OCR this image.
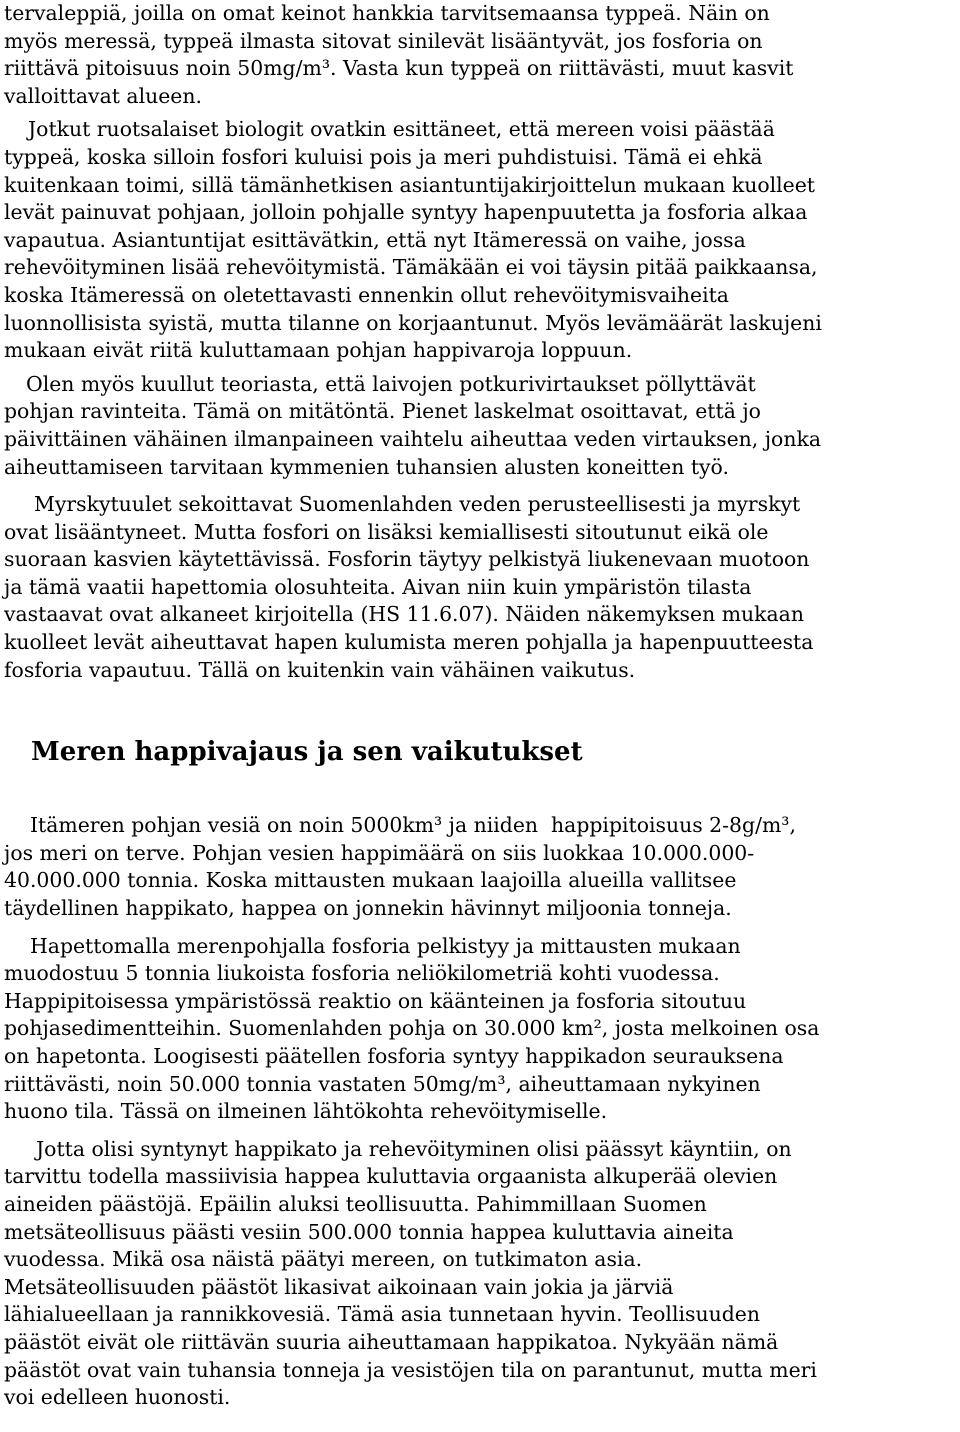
tervaleppiä, joilla on omat keinot hankkia tarvitsemaansa typpeä. Näin on
myös meressä, typpeä ilmasta sitovat sinilevät lisääntyvät, jos fosforia on
riittävä pitoisuus noin 50mg/m³. Vasta kun typpeä on riittävästi, muut kasvit
valloittavat alueen.

Jotkut ruotsalaiset biologit ovatkin esittäneet, että mereen voisi päästää
typpeä, koska silloin fosfori kuluisi pois ja meri puhdistuisi. Tämä ei ehkä
kuitenkaan toimi, sillä tämänhetkisen asiantuntijakirjoittelun mukaan kuolleet
levät painuvat pohjaan, jolloin pohjalle syntyy hapenpuutetta ja fosforia alkaa
vapautua. Asiantuntijat esittävätkin, että nyt Itämeressä on vaihe, jossa
rehevöityminen lisää rehevöitymistä. Tämäkään ei voi täysin pitää paikkaansa,
koska Itämeressä on oletettavasti ennenkin ollut rehevöitymisvaiheita
luonnollisista syistä, mutta tilanne on korjaantunut. Myös levämäärät laskujeni
mukaan eivät riitä kuluttamaan pohjan happivaroja loppuun.

Olen myös kuullut teoriasta, että laivojen potkurivirtaukset pöllyttävät
pohjan ravinteita. Tämä on mitätöntä. Pienet laskelmat osoittavat, että jo
päivittäinen vähäinen ilmanpaineen vaihtelu aiheuttaa veden virtauksen, jonka
aiheuttamiseen tarvitaan kymmenien tuhansien alusten koneitten työ.

Myrskytuulet sekoittavat Suomenlahden veden perusteellisesti ja myrskyt
ovat lisääntyneet. Mutta fosfori on lisäksi kemiallisesti sitoutunut eikä ole
suoraan kasvien käytettävissä. Fosforin täytyy pelkistyä liukenevaan muotoon
ja tämä vaatii hapettomia olosuhteita. Aivan niin kuin ympäristön tilasta
vastaavat ovat alkaneet kirjoitella (HS 11.6.07). Näiden näkemyksen mukaan
kuolleet levät aiheuttavat hapen kulumista meren pohjalla ja hapenpuutteesta
fosforia vapautuu. Tällä on kuitenkin vain vähäinen vaikutus.

Meren happivajaus ja sen vaikutukset

Itämeren pohjan vesiä on noin 5000km³ ja niiden  happipitoisuus 2-8g/m³,
jos meri on terve. Pohjan vesien happimäärä on siis luokkaa 10.000.000-
40.000.000 tonnia. Koska mittausten mukaan laajoilla alueilla vallitsee
täydellinen happikato, happea on jonnekin hävinnyt miljoonia tonneja.

Hapettomalla merenpohjalla fosforia pelkistyy ja mittausten mukaan
muodostuu 5 tonnia liukoista fosforia neliökilometriä kohti vuodessa.
Happipitoisessa ympäristössä reaktio on käänteinen ja fosforia sitoutuu
pohjasedimentteihin. Suomenlahden pohja on 30.000 km², josta melkoinen osa
on hapetonta. Loogisesti päätellen fosforia syntyy happikadon seurauksena
riittävästi, noin 50.000 tonnia vastaten 50mg/m³, aiheuttamaan nykyinen
huono tila. Tässä on ilmeinen lähtökohta rehevöitymiselle.

Jotta olisi syntynyt happikato ja rehevöityminen olisi päässyt käyntiin, on
tarvittu todella massiivisia happea kuluttavia orgaanista alkuperää olevien
aineiden päästöjä. Epäilin aluksi teollisuutta. Pahimmillaan Suomen
metsäteollisuus päästi vesiin 500.000 tonnia happea kuluttavia aineita
vuodessa. Mikä osa näistä päätyi mereen, on tutkimaton asia.
Metsäteollisuuden päästöt likasivat aikoinaan vain jokia ja järviä
lähialueellaan ja rannikkovesiä. Tämä asia tunnetaan hyvin. Teollisuuden
päästöt eivät ole riittävän suuria aiheuttamaan happikatoa. Nykyään nämä
päästöt ovat vain tuhansia tonneja ja vesistöjen tila on parantunut, mutta meri
voi edelleen huonosti.
